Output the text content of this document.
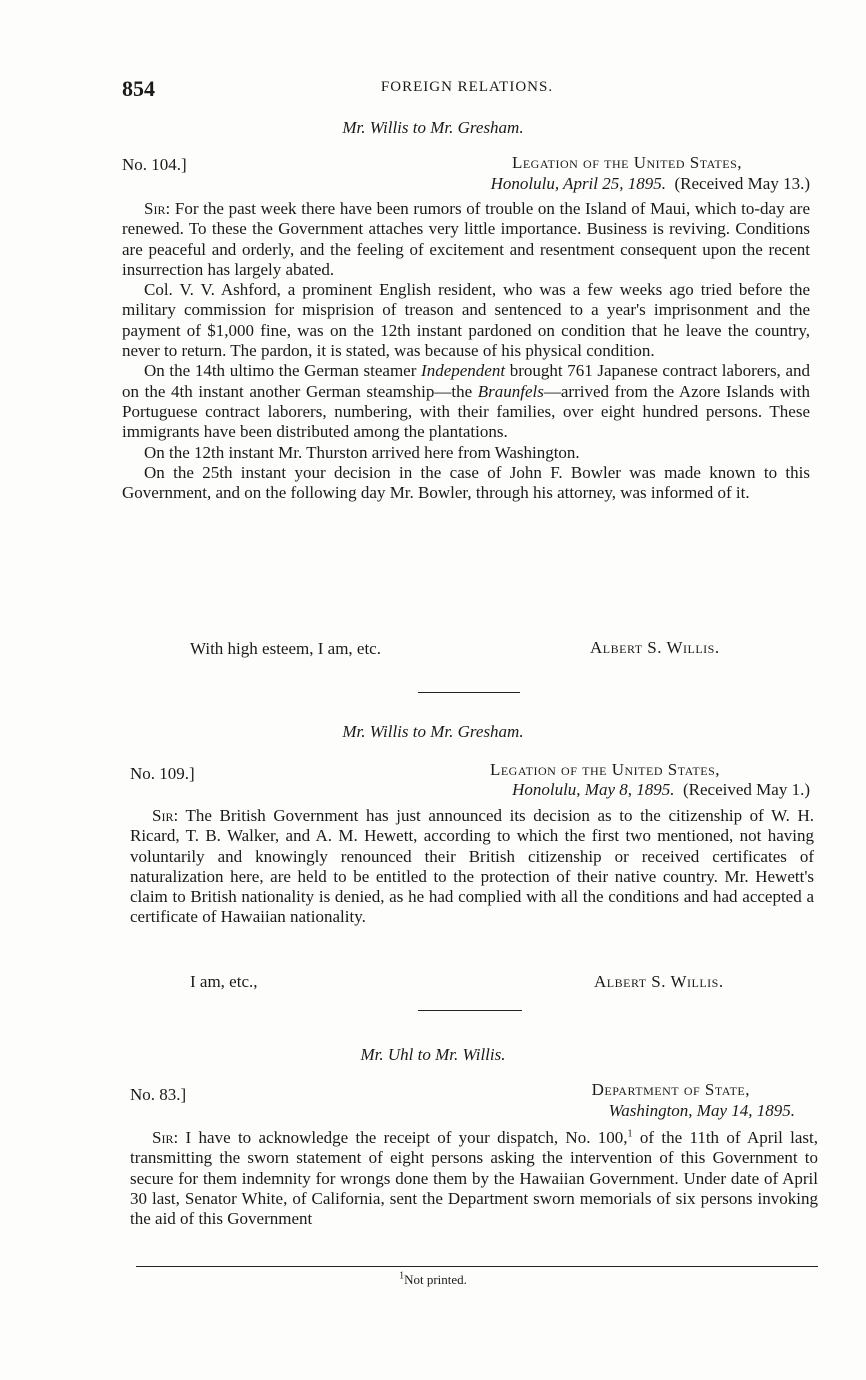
854	FOREIGN RELATIONS.
Mr. Willis to Mr. Gresham.
No. 104.]	Legation of the United States,
Honolulu, April 25, 1895. (Received May 13.)

Sir: For the past week there have been rumors of trouble on the Island of Maui, which to-day are renewed. To these the Government attaches very little importance. Business is reviving. Conditions are peaceful and orderly, and the feeling of excitement and resentment consequent upon the recent insurrection has largely abated.

Col. V. V. Ashford, a prominent English resident, who was a few weeks ago tried before the military commission for misprision of treason and sentenced to a year's imprisonment and the payment of $1,000 fine, was on the 12th instant pardoned on condition that he leave the country, never to return. The pardon, it is stated, was because of his physical condition.

On the 14th ultimo the German steamer Independent brought 761 Japanese contract laborers, and on the 4th instant another German steamship—the Braunfels—arrived from the Azore Islands with Portuguese contract laborers, numbering, with their families, over eight hundred persons. These immigrants have been distributed among the plantations.

On the 12th instant Mr. Thurston arrived here from Washington.

On the 25th instant your decision in the case of John F. Bowler was made known to this Government, and on the following day Mr. Bowler, through his attorney, was informed of it.

With high esteem, I am, etc.	Albert S. Willis.
Mr. Willis to Mr. Gresham.
No. 109.]	Legation of the United States,
Honolulu, May 8, 1895. (Received May 1.)

Sir: The British Government has just announced its decision as to the citizenship of W. H. Ricard, T. B. Walker, and A. M. Hewett, according to which the first two mentioned, not having voluntarily and knowingly renounced their British citizenship or received certificates of naturalization here, are held to be entitled to the protection of their native country. Mr. Hewett's claim to British nationality is denied, as he had complied with all the conditions and had accepted a certificate of Hawaiian nationality.

I am, etc.,	Albert S. Willis.
Mr. Uhl to Mr. Willis.
No. 83.]	Department of State,
Washington, May 14, 1895.

Sir: I have to acknowledge the receipt of your dispatch, No. 100,$^1$ of the 11th of April last, transmitting the sworn statement of eight persons asking the intervention of this Government to secure for them indemnity for wrongs done them by the Hawaiian Government. Under date of April 30 last, Senator White, of California, sent the Department sworn memorials of six persons invoking the aid of this Government

$^1$Not printed.
